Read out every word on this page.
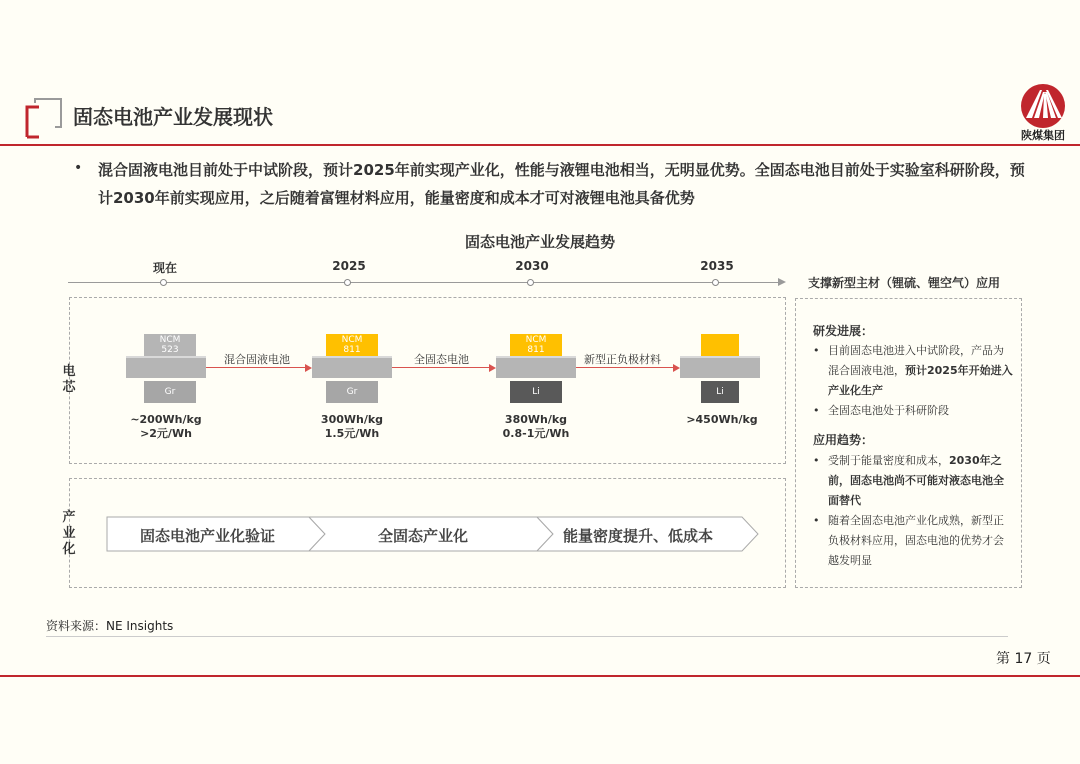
固态电池产业发展现状
陕煤集团
• 混合固液电池目前处于中试阶段，预计2025年前实现产业化，性能与液锂电池相当，无明显优势。全固态电池目前处于实验室科研阶段，预计2030年前实现应用，之后随着富锂材料应用，能量密度和成本才可对液锂电池具备优势
固态电池产业发展趋势
现在	2025	2030	2035
支撑新型主材（锂硫、锂空气）应用
电芯
NCM
523
Gr
~200Wh/kg
>2元/Wh
混合固液电池
NCM
811
Gr
300Wh/kg
1.5元/Wh
全固态电池
NCM
811
Li
380Wh/kg
0.8-1元/Wh
新型正负极材料
Li
>450Wh/kg
产业化
固态电池产业化验证	全固态产业化	能量密度提升、低成本
研发进展：
• 目前固态电池进入中试阶段，产品为混合固液电池，预计2025年开始进入产业化生产
• 全固态电池处于科研阶段
应用趋势：
• 受制于能量密度和成本，2030年之前，固态电池尚不可能对液态电池全面替代
• 随着全固态电池产业化成熟，新型正负极材料应用，固态电池的优势才会越发明显
资料来源：NE Insights
第 17 页
